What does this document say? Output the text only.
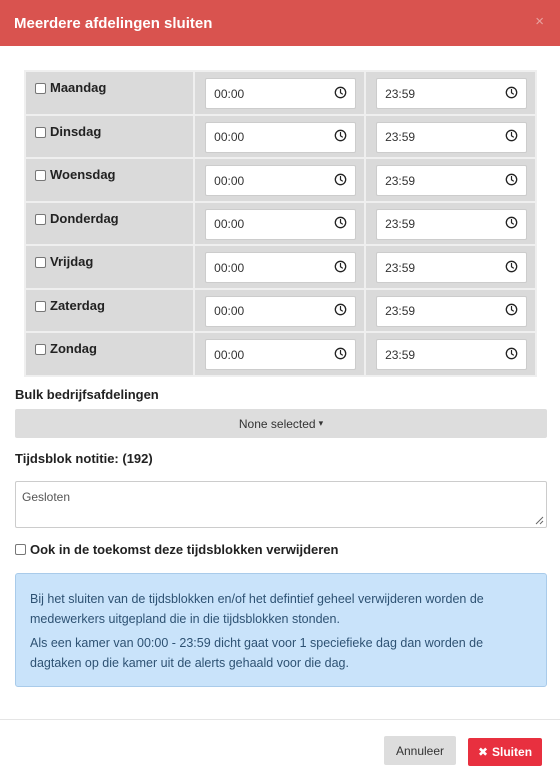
Meerdere afdelingen sluiten	×
Maandag	00:00	23:59

Dinsdag	00:00	23:59

Woensdag	00:00	23:59

Donderdag	00:00	23:59

Vrijdag	00:00	23:59

Zaterdag	00:00	23:59

Zondag	00:00	23:59
Bulk bedrijfsafdelingen
None selected ▾
Tijdsblok notitie: (192)
Gesloten
Ook in de toekomst deze tijdsblokken verwijderen

Bij het sluiten van de tijdsblokken en/of het defintief geheel verwijderen worden de medewerkers uitgepland die in die tijdsblokken stonden.

Als een kamer van 00:00 - 23:59 dicht gaat voor 1 speciefieke dag dan worden de dagtaken op die kamer uit de alerts gehaald voor die dag.

Annuleer	✖ Sluiten
